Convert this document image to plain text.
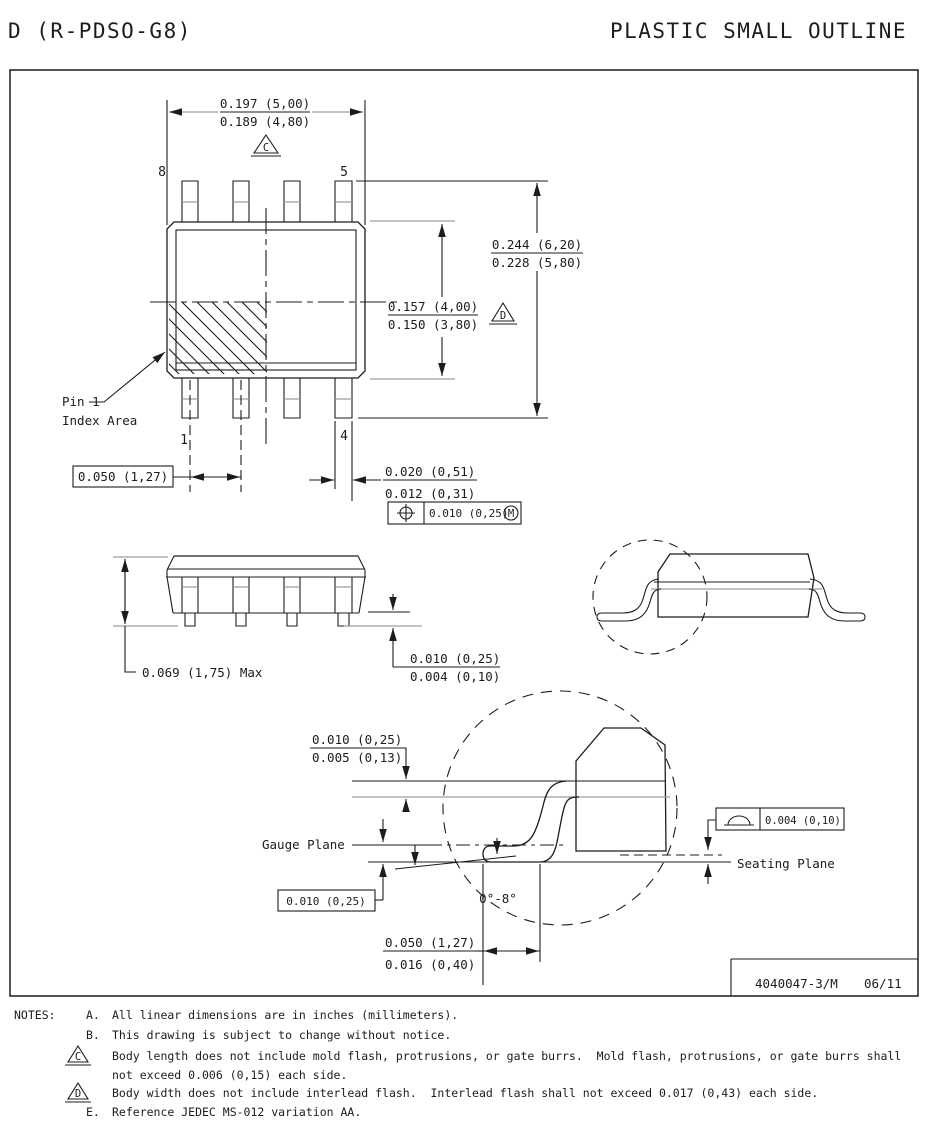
D (R-PDSO-G8)	PLASTIC SMALL OUTLINE
8	5
1	4
0.197 (5,00)
0.189 (4,80)
C
0.244 (6,20)
0.228 (5,80)
0.157 (4,00)
0.150 (3,80)
D
0.050 (1,27)	0.020 (0,51)
0.012 (0,31)
0.010 (0,25) M
Pin 1
Index Area
0.069 (1,75) Max
0.010 (0,25)
0.004 (0,10)
0.010 (0,25)
0.005 (0,13)
Gauge Plane
0.010 (0,25)	0°-8°
Seating Plane
0.004 (0,10)
0.050 (1,27)
0.016 (0,40)
4040047-3/M 06/11
NOTES:	A. All linear dimensions are in inches (millimeters).
B. This drawing is subject to change without notice.
C	Body length does not include mold flash, protrusions, or gate burrs.  Mold flash, protrusions, or gate burrs shall
not exceed 0.006 (0,15) each side.
D	Body width does not include interlead flash.  Interlead flash shall not exceed 0.017 (0,43) each side.
E. Reference JEDEC MS-012 variation AA.
